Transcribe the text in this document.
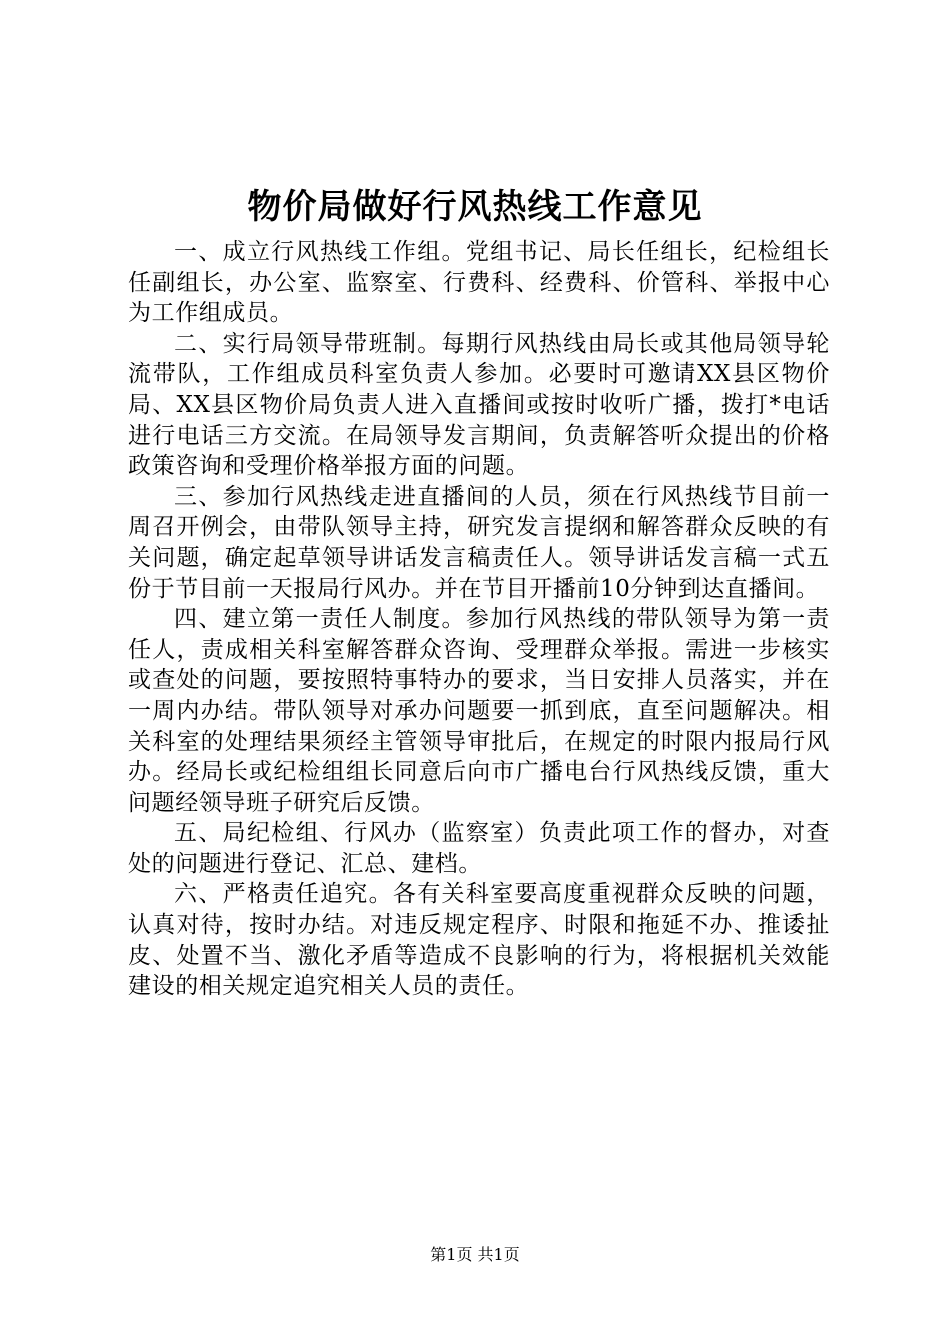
物价局做好行风热线工作意见

一、成立行风热线工作组。党组书记、局长任组长，纪检组长任副组长，办公室、监察室、行费科、经费科、价管科、举报中心为工作组成员。

二、实行局领导带班制。每期行风热线由局长或其他局领导轮流带队，工作组成员科室负责人参加。必要时可邀请XX县区物价局、XX县区物价局负责人进入直播间或按时收听广播，拨打*电话进行电话三方交流。在局领导发言期间，负责解答听众提出的价格政策咨询和受理价格举报方面的问题。

三、参加行风热线走进直播间的人员，须在行风热线节目前一周召开例会，由带队领导主持，研究发言提纲和解答群众反映的有关问题，确定起草领导讲话发言稿责任人。领导讲话发言稿一式五份于节目前一天报局行风办。并在节目开播前10分钟到达直播间。

四、建立第一责任人制度。参加行风热线的带队领导为第一责任人，责成相关科室解答群众咨询、受理群众举报。需进一步核实或查处的问题，要按照特事特办的要求，当日安排人员落实，并在一周内办结。带队领导对承办问题要一抓到底，直至问题解决。相关科室的处理结果须经主管领导审批后，在规定的时限内报局行风办。经局长或纪检组组长同意后向市广播电台行风热线反馈，重大问题经领导班子研究后反馈。

五、局纪检组、行风办（监察室）负责此项工作的督办，对查处的问题进行登记、汇总、建档。

六、严格责任追究。各有关科室要高度重视群众反映的问题，认真对待，按时办结。对违反规定程序、时限和拖延不办、推诿扯皮、处置不当、激化矛盾等造成不良影响的行为，将根据机关效能建设的相关规定追究相关人员的责任。

第1页 共1页
